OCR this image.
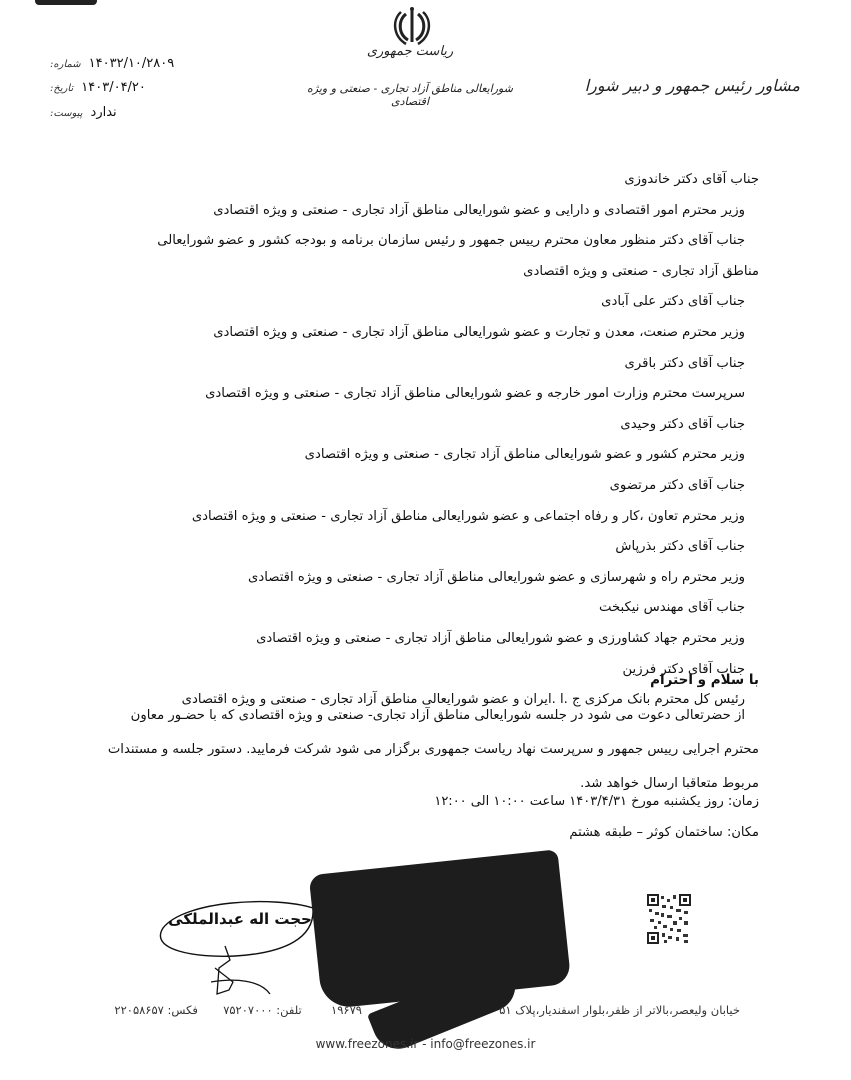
ریاست جمهوری
شورایعالی مناطق آزاد تجاری - صنعتی و ویژه اقتصادی
مشاور رئیس جمهور و دبیر شورا
شماره: ۱۴۰۳۲/۱۰/۲۸۰۹
تاریخ: ۱۴۰۳/۰۴/۲۰
پیوست: ندارد
جناب آقای دکتر خاندوزی
وزیر محترم امور اقتصادی و دارایی و عضو شورایعالی مناطق آزاد تجاری - صنعتی و ویژه اقتصادی
جناب آقای دکتر منظور معاون محترم رییس جمهور و رئیس سازمان برنامه و بودجه کشور و عضو شورایعالی
مناطق آزاد تجاری - صنعتی و ویژه اقتصادی
جناب آقای دکتر علی آبادی
وزیر محترم صنعت، معدن و تجارت و عضو شورایعالی مناطق آزاد تجاری - صنعتی و ویژه اقتصادی
جناب آقای دکتر باقری
سرپرست محترم وزارت امور خارجه و عضو شورایعالی مناطق آزاد تجاری - صنعتی و ویژه اقتصادی
جناب آقای دکتر وحیدی
وزیر محترم کشور و عضو شورایعالی مناطق آزاد تجاری - صنعتی و ویژه اقتصادی
جناب آقای دکتر مرتضوی
وزیر محترم تعاون ،کار و رفاه اجتماعی و عضو شورایعالی مناطق آزاد تجاری - صنعتی و ویژه اقتصادی
جناب آقای دکتر بذرپاش
وزیر محترم راه و شهرسازی و عضو شورایعالی مناطق آزاد تجاری - صنعتی و ویژه اقتصادی
جناب آقای مهندس نیکبخت
وزیر محترم جهاد کشاورزی و عضو شورایعالی مناطق آزاد تجاری - صنعتی و ویژه اقتصادی
جناب آقای دکتر فرزین
رئیس کل محترم بانک مرکزی ج .ا .ایران و عضو شورایعالی مناطق آزاد تجاری - صنعتی و ویژه اقتصادی
با سلام و احترام
از حضرتعالی دعوت می شود در جلسه شورایعالی مناطق آزاد تجاری- صنعتی و ویژه اقتصادی که با حضـور معاون
محترم اجرایی رییس جمهور و سرپرست نهاد ریاست جمهوری برگزار می شود شرکت فرمایید. دستور جلسه و مستندات
مربوط متعاقبا ارسال خواهد شد.
زمان: روز یکشنبه مورخ ۱۴۰۳/۴/۳۱ ساعت ۱۰:۰۰ الی ۱۲:۰۰
مکان: ساختمان کوثر – طبقه هشتم
حجت اله عبدالملکی
خیابان ولیعصر،بالاتر از ظفر،بلوار اسفندیار،پلاک ۵۱  ۱۹۶۷۹  تلفن: ۷۵۲۰۷۰۰۰  فکس: ۲۲۰۵۸۶۵۷
www.freezones.ir - info@freezones.ir
